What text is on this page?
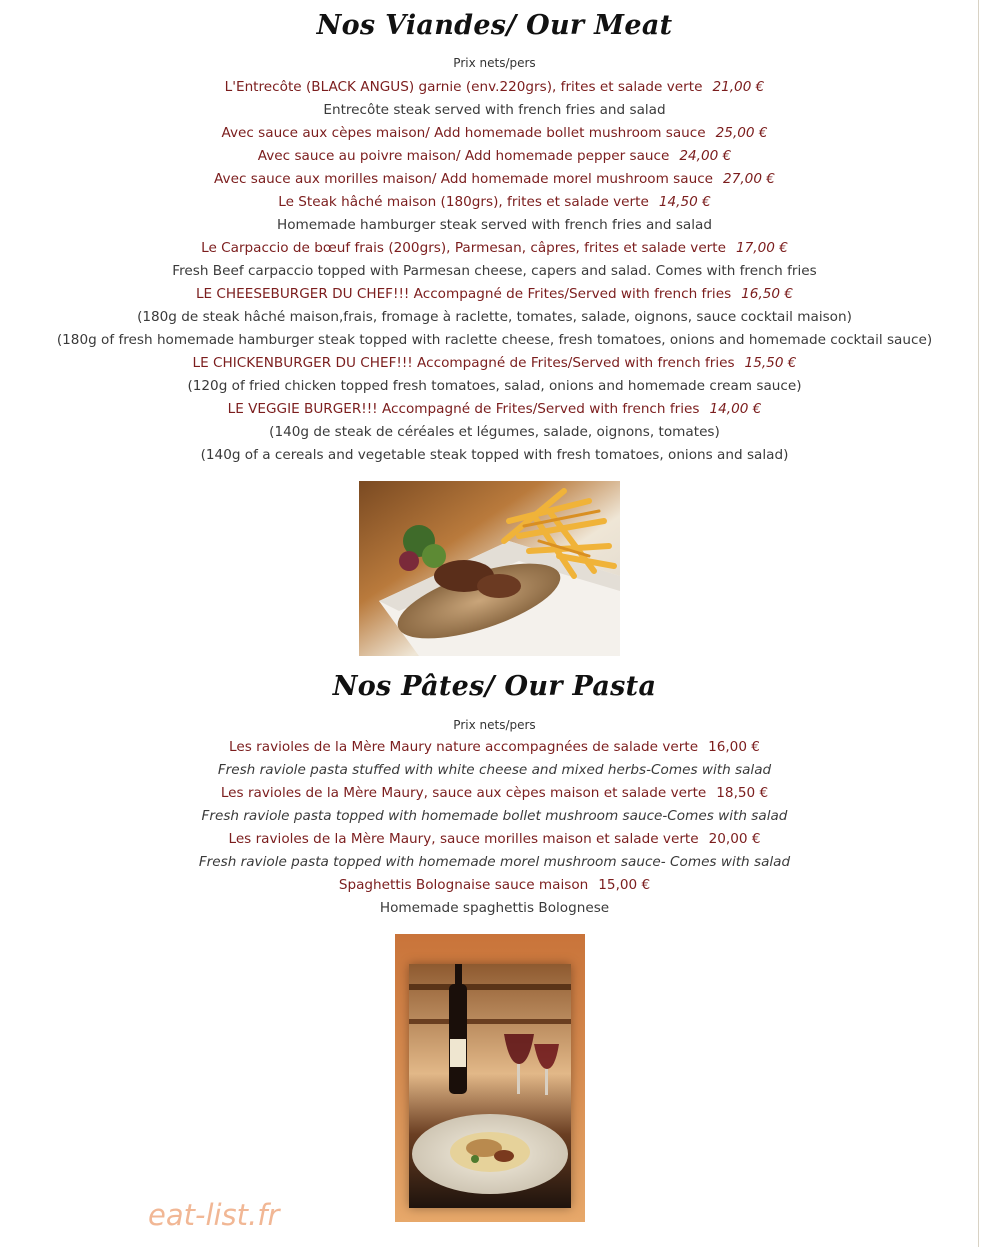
Nos Viandes/ Our Meat
Prix nets/pers
L'Entrecôte (BLACK ANGUS) garnie (env.220grs), frites et salade verte 21,00 €
Entrecôte steak served with french fries and salad
Avec sauce aux cèpes maison/ Add homemade bollet mushroom sauce 25,00 €
Avec sauce au poivre maison/ Add homemade pepper sauce 24,00 €
Avec sauce aux morilles maison/ Add homemade morel mushroom sauce 27,00 €
Le Steak hâché maison (180grs), frites et salade verte 14,50 €
Homemade hamburger steak served with french fries and salad
Le Carpaccio de bœuf frais (200grs), Parmesan, câpres, frites et salade verte 17,00 €
Fresh Beef carpaccio topped with Parmesan cheese, capers and salad. Comes with french fries
LE CHEESEBURGER DU CHEF!!! Accompagné de Frites/Served with french fries 16,50 €
(180g de steak hâché maison,frais, fromage à raclette, tomates, salade, oignons, sauce cocktail maison)
(180g of fresh homemade hamburger steak topped with raclette cheese, fresh tomatoes, onions and homemade cocktail sauce)
LE CHICKENBURGER DU CHEF!!! Accompagné de Frites/Served with french fries 15,50 €
(120g of fried chicken topped fresh tomatoes, salad, onions and homemade cream sauce)
LE VEGGIE BURGER!!! Accompagné de Frites/Served with french fries 14,00 €
(140g de steak de céréales et légumes, salade, oignons, tomates)
(140g of a cereals and vegetable steak topped with fresh tomatoes, onions and salad)
Nos Pâtes/ Our Pasta
Prix nets/pers
Les ravioles de la Mère Maury nature accompagnées de salade verte 16,00 €
Fresh raviole pasta stuffed with white cheese and mixed herbs-Comes with salad
Les ravioles de la Mère Maury, sauce aux cèpes maison et salade verte 18,50 €
Fresh raviole pasta topped with homemade bollet mushroom sauce-Comes with salad
Les ravioles de la Mère Maury, sauce morilles maison et salade verte 20,00 €
Fresh raviole pasta topped with homemade morel mushroom sauce- Comes with salad
Spaghettis Bolognaise sauce maison 15,00 €
Homemade spaghettis Bolognese
eat-list.fr
